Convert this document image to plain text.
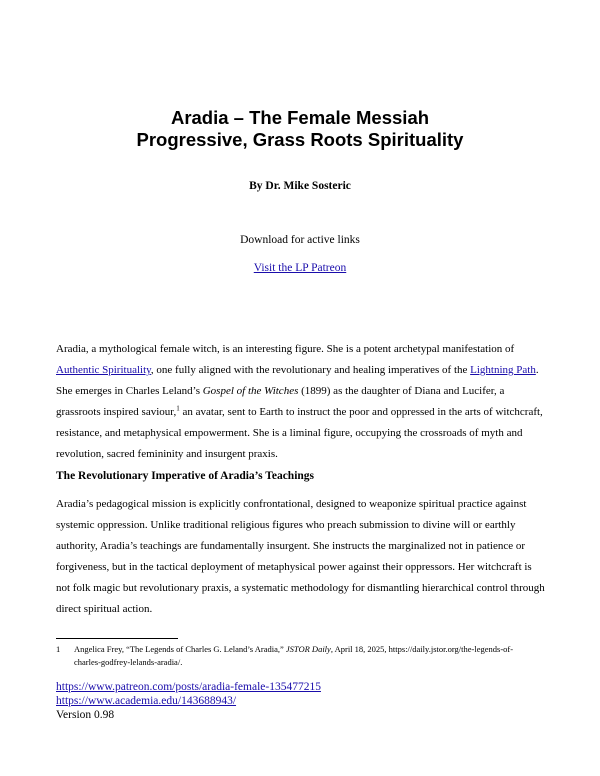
Aradia – The Female Messiah
Progressive, Grass Roots Spirituality
By Dr. Mike Sosteric
Download for active links
Visit the LP Patreon

Aradia, a mythological female witch, is an interesting figure. She is a potent archetypal manifestation of Authentic Spirituality, one fully aligned with the revolutionary and healing imperatives of the Lightning Path. She emerges in Charles Leland’s Gospel of the Witches (1899) as the daughter of Diana and Lucifer, a grassroots inspired saviour,$^1$ an avatar, sent to Earth to instruct the poor and oppressed in the arts of witchcraft, resistance, and metaphysical empowerment. She is a liminal figure, occupying the crossroads of myth and revolution, sacred femininity and insurgent praxis.

The Revolutionary Imperative of Aradia’s Teachings

Aradia’s pedagogical mission is explicitly confrontational, designed to weaponize spiritual practice against systemic oppression. Unlike traditional religious figures who preach submission to divine will or earthly authority, Aradia’s teachings are fundamentally insurgent. She instructs the marginalized not in patience or forgiveness, but in the tactical deployment of metaphysical power against their oppressors. Her witchcraft is not folk magic but revolutionary praxis, a systematic methodology for dismantling hierarchical control through direct spiritual action.

1 Angelica Frey, “The Legends of Charles G. Leland’s Aradia,” JSTOR Daily, April 18, 2025, https://daily.jstor.org/the-legends-of-charles-godfrey-lelands-aradia/.
https://www.patreon.com/posts/aradia-female-135477215
https://www.academia.edu/143688943/
Version 0.98
